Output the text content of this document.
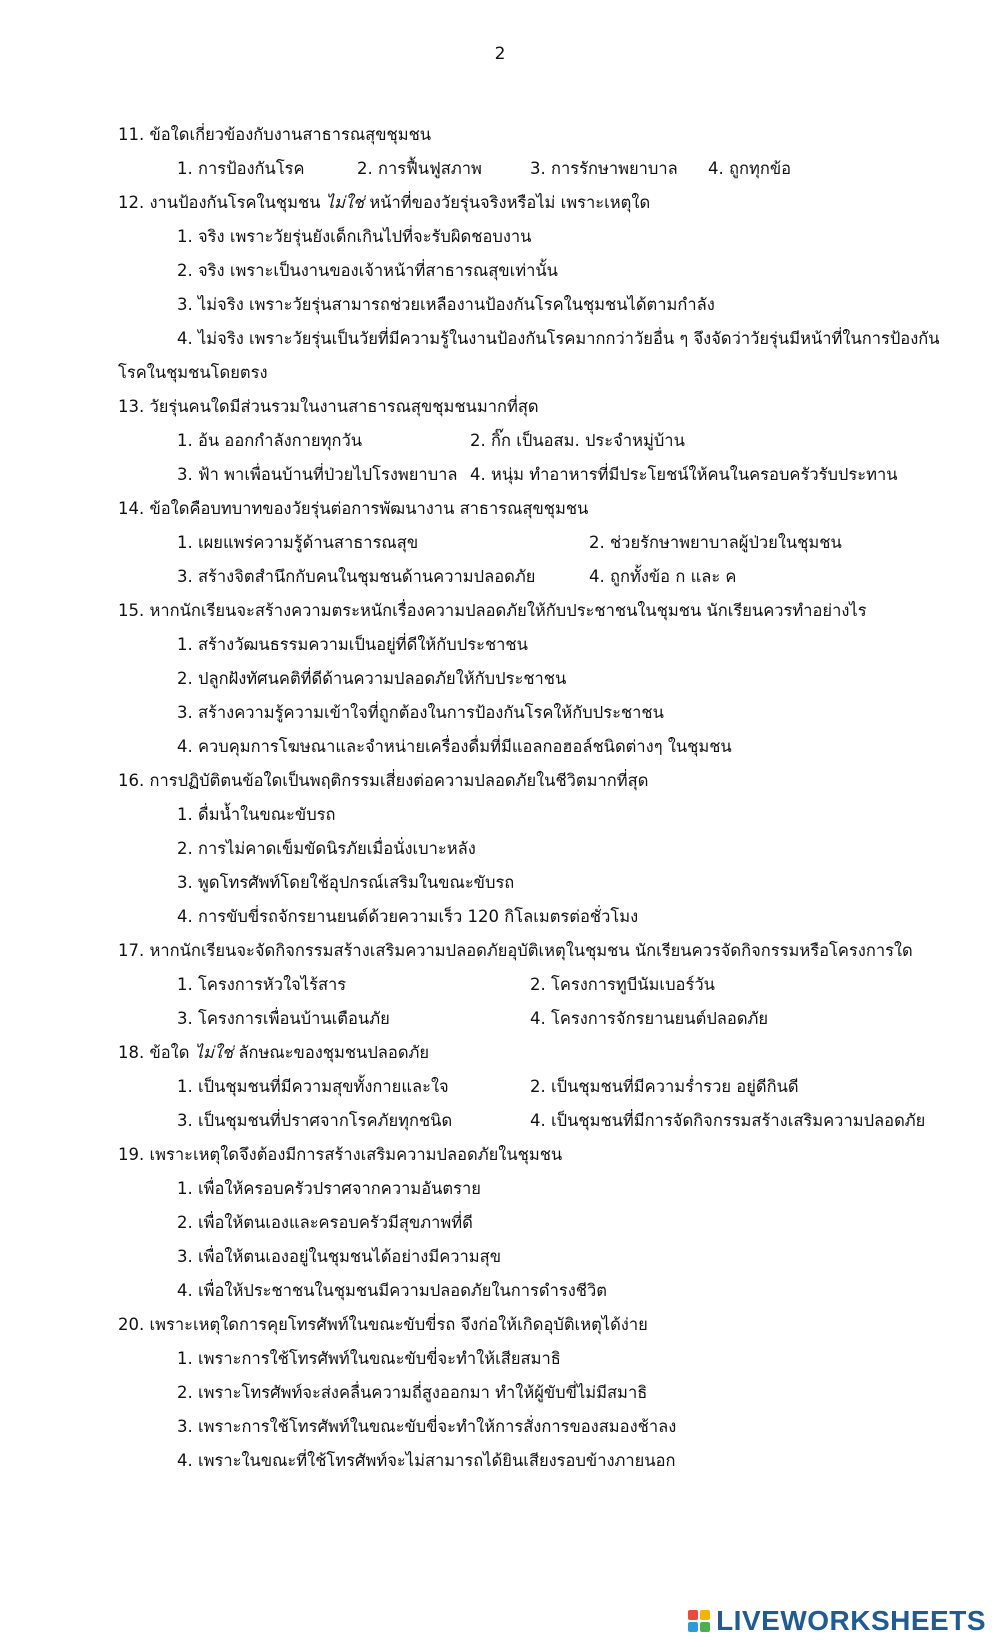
2
11. ข้อใดเกี่ยวข้องกับงานสาธารณสุขชุมชน
1. การป้องกันโรค	2. การฟื้นฟูสภาพ	3. การรักษาพยาบาล 4. ถูกทุกข้อ
12. งานป้องกันโรคในชุมชน ไม่ใช่ หน้าที่ของวัยรุ่นจริงหรือไม่ เพราะเหตุใด
1. จริง เพราะวัยรุ่นยังเด็กเกินไปที่จะรับผิดชอบงาน
2. จริง เพราะเป็นงานของเจ้าหน้าที่สาธารณสุขเท่านั้น
3. ไม่จริง เพราะวัยรุ่นสามารถช่วยเหลืองานป้องกันโรคในชุมชนได้ตามกำลัง
4. ไม่จริง เพราะวัยรุ่นเป็นวัยที่มีความรู้ในงานป้องกันโรคมากกว่าวัยอื่น ๆ จึงจัดว่าวัยรุ่นมีหน้าที่ในการป้องกัน
โรคในชุมชนโดยตรง
13. วัยรุ่นคนใดมีส่วนรวมในงานสาธารณสุขชุมชนมากที่สุด
1. อ้น ออกกำลังกายทุกวัน	2. กิ๊ก เป็นอสม. ประจำหมู่บ้าน
3. ฟ้า พาเพื่อนบ้านที่ป่วยไปโรงพยาบาล 4. หนุ่ม ทำอาหารที่มีประโยชน์ให้คนในครอบครัวรับประทาน
14. ข้อใดคือบทบาทของวัยรุ่นต่อการพัฒนางาน สาธารณสุขชุมชน
1. เผยแพร่ความรู้ด้านสาธารณสุข	2. ช่วยรักษาพยาบาลผู้ป่วยในชุมชน
3. สร้างจิตสำนึกกับคนในชุมชนด้านความปลอดภัย	4. ถูกทั้งข้อ ก และ ค
15. หากนักเรียนจะสร้างความตระหนักเรื่องความปลอดภัยให้กับประชาชนในชุมชน นักเรียนควรทำอย่างไร
1. สร้างวัฒนธรรมความเป็นอยู่ที่ดีให้กับประชาชน
2. ปลูกฝังทัศนคติที่ดีด้านความปลอดภัยให้กับประชาชน
3. สร้างความรู้ความเข้าใจที่ถูกต้องในการป้องกันโรคให้กับประชาชน
4. ควบคุมการโฆษณาและจำหน่ายเครื่องดื่มที่มีแอลกอฮอล์ชนิดต่างๆ ในชุมชน
16. การปฏิบัติตนข้อใดเป็นพฤติกรรมเสี่ยงต่อความปลอดภัยในชีวิตมากที่สุด
1. ดื่มน้ำในขณะขับรถ
2. การไม่คาดเข็มขัดนิรภัยเมื่อนั่งเบาะหลัง
3. พูดโทรศัพท์โดยใช้อุปกรณ์เสริมในขณะขับรถ
4. การขับขี่รถจักรยานยนต์ด้วยความเร็ว 120 กิโลเมตรต่อชั่วโมง
17. หากนักเรียนจะจัดกิจกรรมสร้างเสริมความปลอดภัยอุบัติเหตุในชุมชน นักเรียนควรจัดกิจกรรมหรือโครงการใด
1. โครงการหัวใจไร้สาร	2. โครงการทูบีนัมเบอร์วัน
3. โครงการเพื่อนบ้านเตือนภัย	4. โครงการจักรยานยนต์ปลอดภัย
18. ข้อใด ไม่ใช่ ลักษณะของชุมชนปลอดภัย
1. เป็นชุมชนที่มีความสุขทั้งกายและใจ	2. เป็นชุมชนที่มีความร่ำรวย อยู่ดีกินดี
3. เป็นชุมชนที่ปราศจากโรคภัยทุกชนิด	4. เป็นชุมชนที่มีการจัดกิจกรรมสร้างเสริมความปลอดภัย
19. เพราะเหตุใดจึงต้องมีการสร้างเสริมความปลอดภัยในชุมชน
1. เพื่อให้ครอบครัวปราศจากความอันตราย
2. เพื่อให้ตนเองและครอบครัวมีสุขภาพที่ดี
3. เพื่อให้ตนเองอยู่ในชุมชนได้อย่างมีความสุข
4. เพื่อให้ประชาชนในชุมชนมีความปลอดภัยในการดำรงชีวิต
20. เพราะเหตุใดการคุยโทรศัพท์ในขณะขับขี่รถ จึงก่อให้เกิดอุบัติเหตุได้ง่าย
1. เพราะการใช้โทรศัพท์ในขณะขับขี่จะทำให้เสียสมาธิ
2. เพราะโทรศัพท์จะส่งคลื่นความถี่สูงออกมา ทำให้ผู้ขับขี่ไม่มีสมาธิ
3. เพราะการใช้โทรศัพท์ในขณะขับขี่จะทำให้การสั่งการของสมองช้าลง
4. เพราะในขณะที่ใช้โทรศัพท์จะไม่สามารถได้ยินเสียงรอบข้างภายนอก
LIVEWORKSHEETS
